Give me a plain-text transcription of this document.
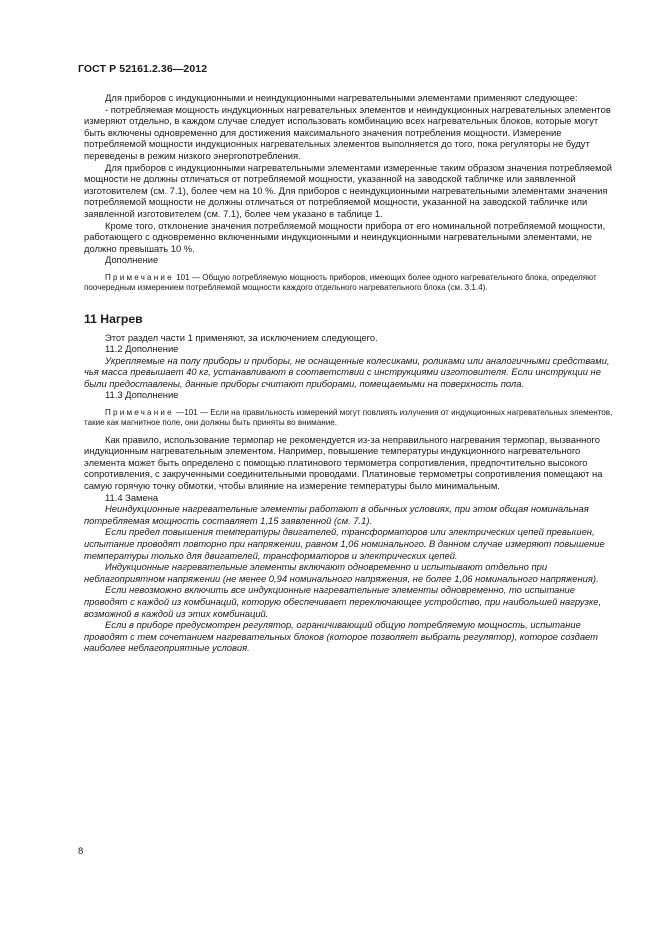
ГОСТ Р 52161.2.36—2012

Для приборов с индукционными и неиндукционными нагревательными элементами применяют следующее:

- потребляемая мощность индукционных нагревательных элементов и неиндукционных нагревательных элементов измеряют отдельно, в каждом случае следует использовать комбинацию всех нагревательных блоков, которые могут быть включены одновременно для достижения максимального значения потребления мощности. Измерение потребляемой мощности индукционных нагревательных элементов выполняется до того, пока регуляторы не будут переведены в режим низкого энергопотребления.

Для приборов с индукционными нагревательными элементами измеренные таким образом значения потребляемой мощности не должны отличаться от потребляемой мощности, указанной на заводской табличке или заявленной изготовителем (см. 7.1), более чем на 10 %. Для приборов с неиндукционными нагревательными элементами значения потребляемой мощности не должны отличаться от потребляемой мощности, указанной на заводской табличке или заявленной изготовителем (см. 7.1), более чем указано в таблице 1.

Кроме того, отклонение значения потребляемой мощности прибора от его номинальной потребляемой мощности, работающего с одновременно включенными индукционными и неиндукционными нагревательными элементами, не должно превышать 10 %.

Дополнение

Примечание 101 — Общую потребляемую мощность приборов, имеющих более одного нагревательного блока, определяют поочередным измерением потребляемой мощности каждого отдельного нагревательного блока (см. 3.1.4).

11 Нагрев

Этот раздел части 1 применяют, за исключением следующего.

11.2 Дополнение

Укрепляемые на полу приборы и приборы, не оснащенные колесиками, роликами или аналогичными средствами, чья масса превышает 40 кг, устанавливают в соответствии с инструкциями изготовителя. Если инструкции не были предоставлены, данные приборы считают приборами, помещаемыми на поверхность пола.

11.3 Дополнение

Примечание —101 — Если на правильность измерений могут повлиять излучения от индукционных нагревательных элементов, такие как магнитное поле, они должны быть приняты во внимание.

Как правило, использование термопар не рекомендуется из-за неправильного нагревания термопар, вызванного индукционным нагревательным элементом. Например, повышение температуры индукционного нагревательного элемента может быть определено с помощью платинового термометра сопротивления, предпочтительно высокого сопротивления, с закрученными соединительными проводами. Платиновые термометры сопротивления помещают на самую горячую точку обмотки, чтобы влияние на измерение температуры было минимальным.

11.4 Замена

Неиндукционные нагревательные элементы работают в обычных условиях, при этом общая номинальная потребляемая мощность составляет 1,15 заявленной (см. 7.1).

Если предел повышения температуры двигателей, трансформаторов или электрических цепей превышен, испытание проводят повторно при напряжении, равном 1,06 номинального. В данном случае измеряют повышение температуры только для двигателей, трансформаторов и электрических цепей.

Индукционные нагревательные элементы включают одновременно и испытывают отдельно при неблагоприятном напряжении (не менее 0,94 номинального напряжения, не более 1,06 номинального напряжения).

Если невозможно включить все индукционные нагревательные элементы одновременно, то испытание проводят с каждой из комбинаций, которую обеспечивает переключающее устройство, при наибольшей нагрузке, возможной в каждой из этих комбинаций.

Если в приборе предусмотрен регулятор, ограничивающий общую потребляемую мощность, испытание проводят с тем сочетанием нагревательных блоков (которое позволяет выбрать регулятор), которое создает наиболее неблагоприятные условия.

8
